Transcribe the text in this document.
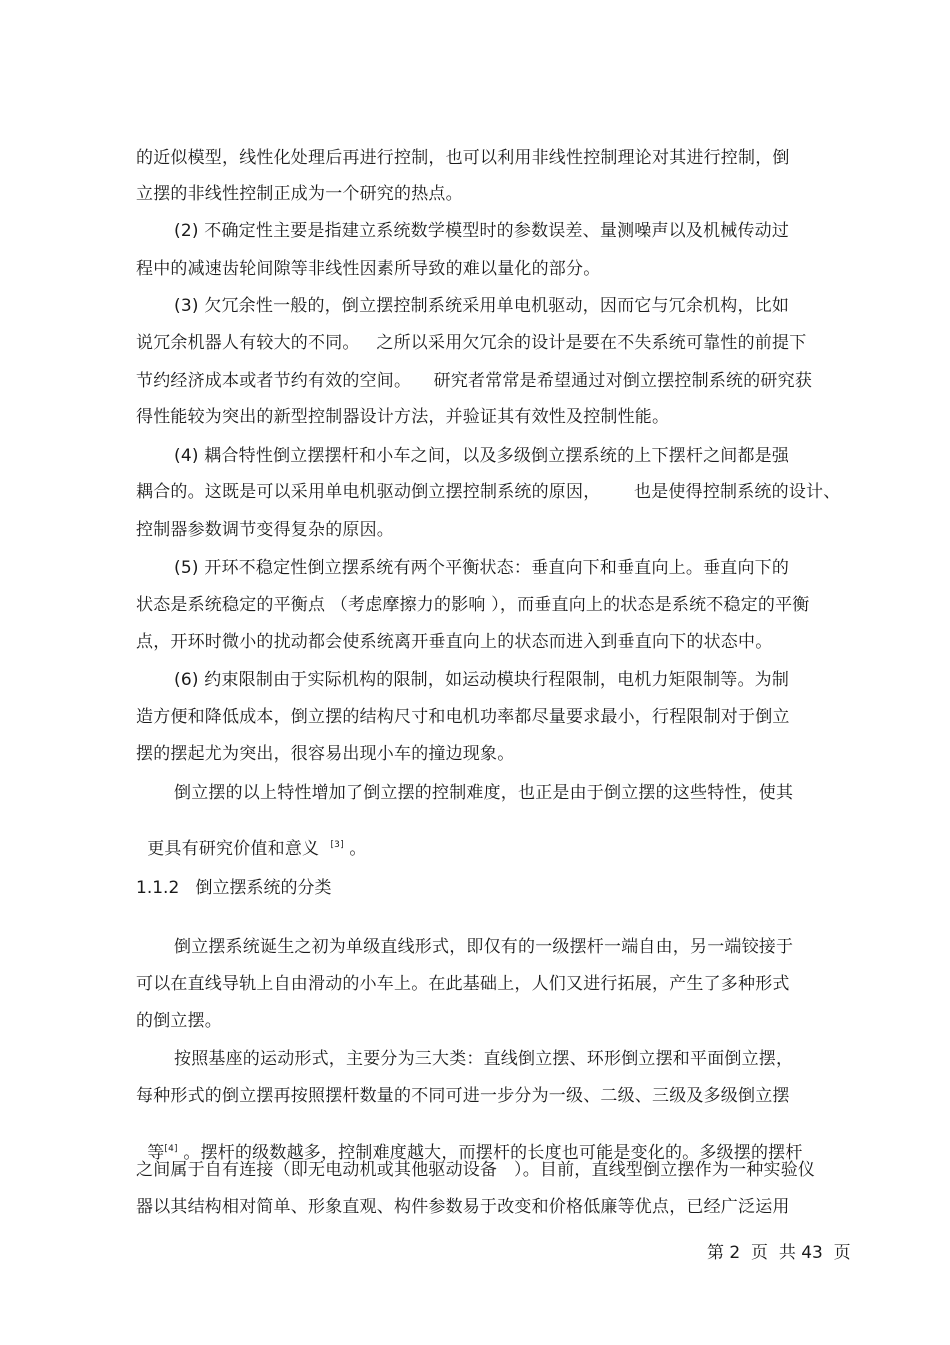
的近似模型，线性化处理后再进行控制，也可以利用非线性控制理论对其进行控制，倒
立摆的非线性控制正成为一个研究的热点。
(2) 不确定性主要是指建立系统数学模型时的参数误差、量测噪声以及机械传动过
程中的减速齿轮间隙等非线性因素所导致的难以量化的部分。
(3) 欠冗余性一般的，倒立摆控制系统采用单电机驱动，因而它与冗余机构，比如
说冗余机器人有较大的不同。   之所以采用欠冗余的设计是要在不失系统可靠性的前提下
节约经济成本或者节约有效的空间。    研究者常常是希望通过对倒立摆控制系统的研究获
得性能较为突出的新型控制器设计方法，并验证其有效性及控制性能。
(4) 耦合特性倒立摆摆杆和小车之间，以及多级倒立摆系统的上下摆杆之间都是强
耦合的。这既是可以采用单电机驱动倒立摆控制系统的原因，      也是使得控制系统的设计、
控制器参数调节变得复杂的原因。
(5) 开环不稳定性倒立摆系统有两个平衡状态：垂直向下和垂直向上。垂直向下的
状态是系统稳定的平衡点 （考虑摩擦力的影响 ），而垂直向上的状态是系统不稳定的平衡
点，开环时微小的扰动都会使系统离开垂直向上的状态而进入到垂直向下的状态中。
(6) 约束限制由于实际机构的限制，如运动模块行程限制，电机力矩限制等。为制
造方便和降低成本，倒立摆的结构尺寸和电机功率都尽量要求最小，行程限制对于倒立
摆的摆起尤为突出，很容易出现小车的撞边现象。
倒立摆的以上特性增加了倒立摆的控制难度，也正是由于倒立摆的这些特性，使其

更具有研究价值和意义  [3] 。

1.1.2   倒立摆系统的分类
倒立摆系统诞生之初为单级直线形式，即仅有的一级摆杆一端自由，另一端铰接于
可以在直线导轨上自由滑动的小车上。在此基础上，人们又进行拓展，产生了多种形式
的倒立摆。
按照基座的运动形式，主要分为三大类：直线倒立摆、环形倒立摆和平面倒立摆，
每种形式的倒立摆再按照摆杆数量的不同可进一步分为一级、二级、三级及多级倒立摆

等[4] 。摆杆的级数越多，控制难度越大，而摆杆的长度也可能是变化的。多级摆的摆杆

之间属于自有连接（即无电动机或其他驱动设备   ）。目前，直线型倒立摆作为一种实验仪
器以其结构相对简单、形象直观、构件参数易于改变和价格低廉等优点，已经广泛运用
第 2  页  共 43  页
